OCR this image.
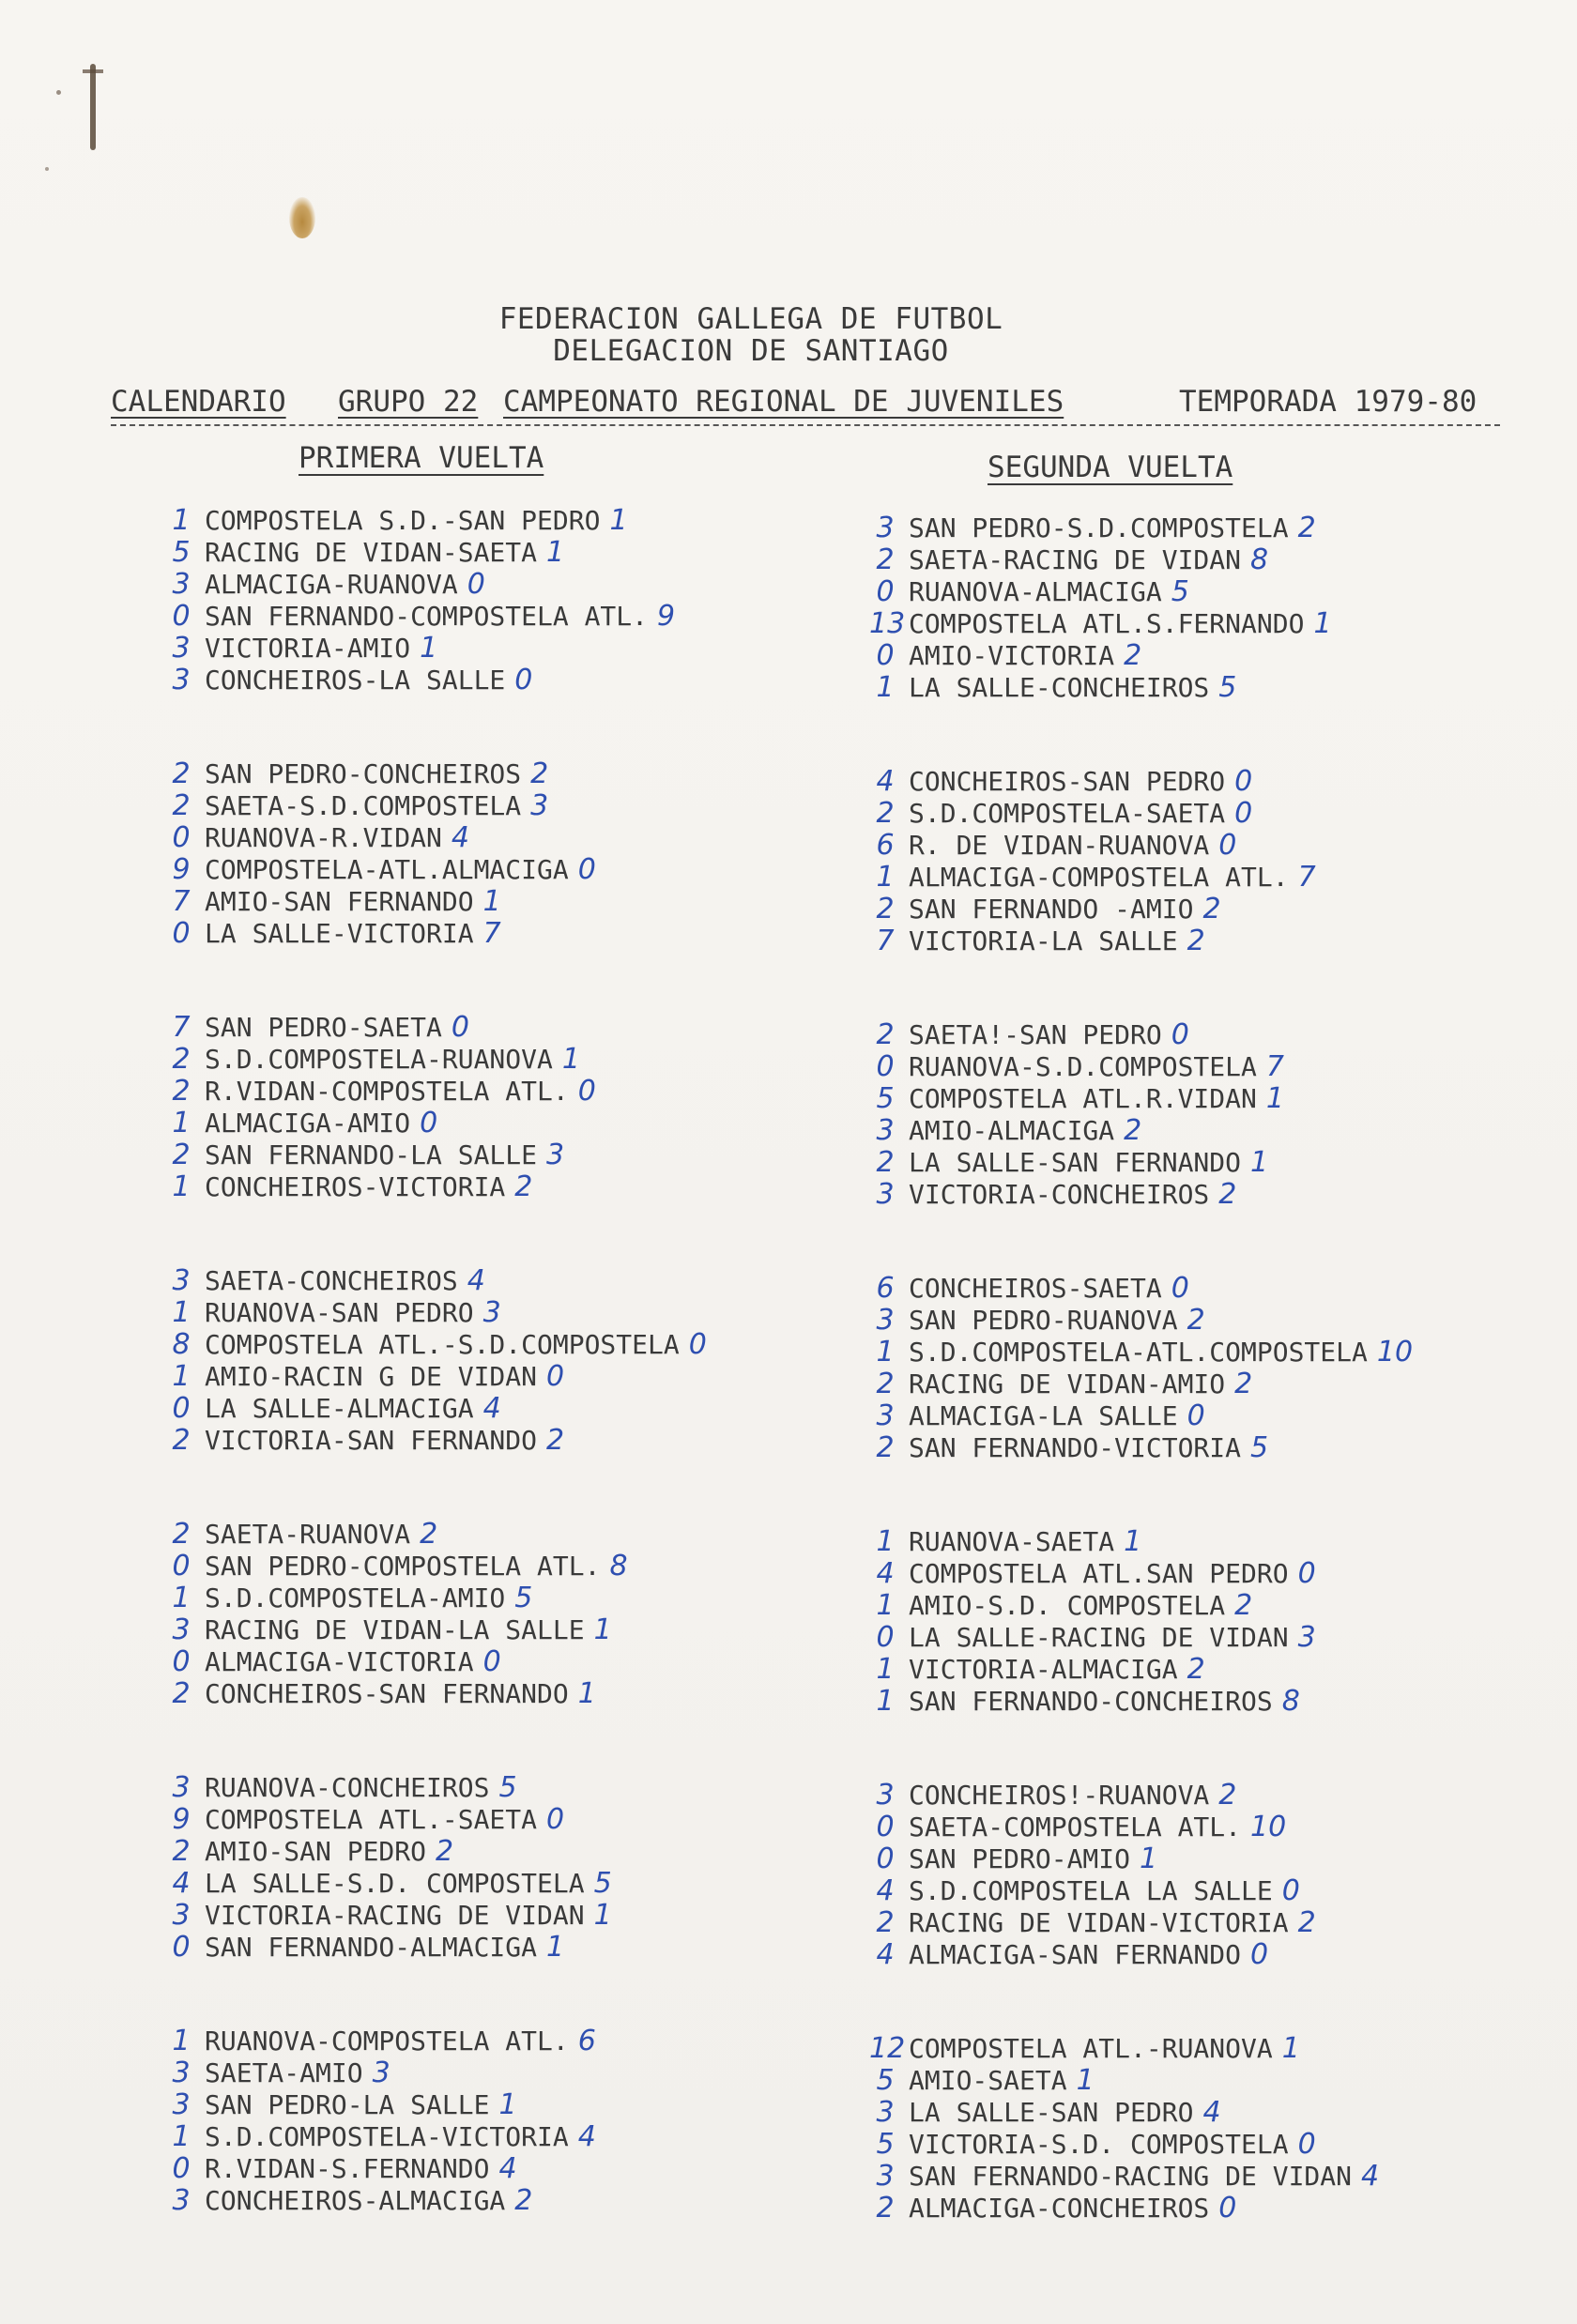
FEDERACION GALLEGA DE FUTBOL
DELEGACION DE SANTIAGO
CALENDARIO GRUPO 22 CAMPEONATO REGIONAL DE JUVENILES	TEMPORADA 1979-80
PRIMERA VUELTA	SEGUNDA VUELTA
1 COMPOSTELA S.D.-SAN PEDRO 1
5 RACING DE VIDAN-SAETA 1
3 ALMACIGA-RUANOVA 0
0 SAN FERNANDO-COMPOSTELA ATL. 9
3 VICTORIA-AMIO 1
3 CONCHEIROS-LA SALLE 0
2 SAN PEDRO-CONCHEIROS 2
2 SAETA-S.D.COMPOSTELA 3
0 RUANOVA-R.VIDAN 4
9 COMPOSTELA-ATL.ALMACIGA 0
7 AMIO-SAN FERNANDO 1
0 LA SALLE-VICTORIA 7
7 SAN PEDRO-SAETA 0
2 S.D.COMPOSTELA-RUANOVA 1
2 R.VIDAN-COMPOSTELA ATL. 0
1 ALMACIGA-AMIO 0
2 SAN FERNANDO-LA SALLE 3
1 CONCHEIROS-VICTORIA 2
3 SAETA-CONCHEIROS 4
1 RUANOVA-SAN PEDRO 3
8 COMPOSTELA ATL.-S.D.COMPOSTELA 0
1 AMIO-RACIN G DE VIDAN 0
0 LA SALLE-ALMACIGA 4
2 VICTORIA-SAN FERNANDO 2
2 SAETA-RUANOVA 2
0 SAN PEDRO-COMPOSTELA ATL. 8
1 S.D.COMPOSTELA-AMIO 5
3 RACING DE VIDAN-LA SALLE 1
0 ALMACIGA-VICTORIA 0
2 CONCHEIROS-SAN FERNANDO 1
3 RUANOVA-CONCHEIROS 5
9 COMPOSTELA ATL.-SAETA 0
2 AMIO-SAN PEDRO 2
4 LA SALLE-S.D. COMPOSTELA 5
3 VICTORIA-RACING DE VIDAN 1
0 SAN FERNANDO-ALMACIGA 1
1 RUANOVA-COMPOSTELA ATL. 6
3 SAETA-AMIO 3
3 SAN PEDRO-LA SALLE 1
1 S.D.COMPOSTELA-VICTORIA 4
0 R.VIDAN-S.FERNANDO 4
3 CONCHEIROS-ALMACIGA 2
3 SAN PEDRO-S.D.COMPOSTELA 2
2 SAETA-RACING DE VIDAN 8
0 RUANOVA-ALMACIGA 5
13 COMPOSTELA ATL.S.FERNANDO 1
0 AMIO-VICTORIA 2
1 LA SALLE-CONCHEIROS 5
4 CONCHEIROS-SAN PEDRO 0
2 S.D.COMPOSTELA-SAETA 0
6 R. DE VIDAN-RUANOVA 0
1 ALMACIGA-COMPOSTELA ATL. 7
2 SAN FERNANDO -AMIO 2
7 VICTORIA-LA SALLE 2
2 SAETA!-SAN PEDRO 0
0 RUANOVA-S.D.COMPOSTELA 7
5 COMPOSTELA ATL.R.VIDAN 1
3 AMIO-ALMACIGA 2
2 LA SALLE-SAN FERNANDO 1
3 VICTORIA-CONCHEIROS 2
6 CONCHEIROS-SAETA 0
3 SAN PEDRO-RUANOVA 2
1 S.D.COMPOSTELA-ATL.COMPOSTELA 10
2 RACING DE VIDAN-AMIO 2
3 ALMACIGA-LA SALLE 0
2 SAN FERNANDO-VICTORIA 5
1 RUANOVA-SAETA 1
4 COMPOSTELA ATL.SAN PEDRO 0
1 AMIO-S.D. COMPOSTELA 2
0 LA SALLE-RACING DE VIDAN 3
1 VICTORIA-ALMACIGA 2
1 SAN FERNANDO-CONCHEIROS 8
3 CONCHEIROS!-RUANOVA 2
0 SAETA-COMPOSTELA ATL. 10
0 SAN PEDRO-AMIO 1
4 S.D.COMPOSTELA LA SALLE 0
2 RACING DE VIDAN-VICTORIA 2
4 ALMACIGA-SAN FERNANDO 0
12 COMPOSTELA ATL.-RUANOVA 1
5 AMIO-SAETA 1
3 LA SALLE-SAN PEDRO 4
5 VICTORIA-S.D. COMPOSTELA 0
3 SAN FERNANDO-RACING DE VIDAN 4
2 ALMACIGA-CONCHEIROS 0
